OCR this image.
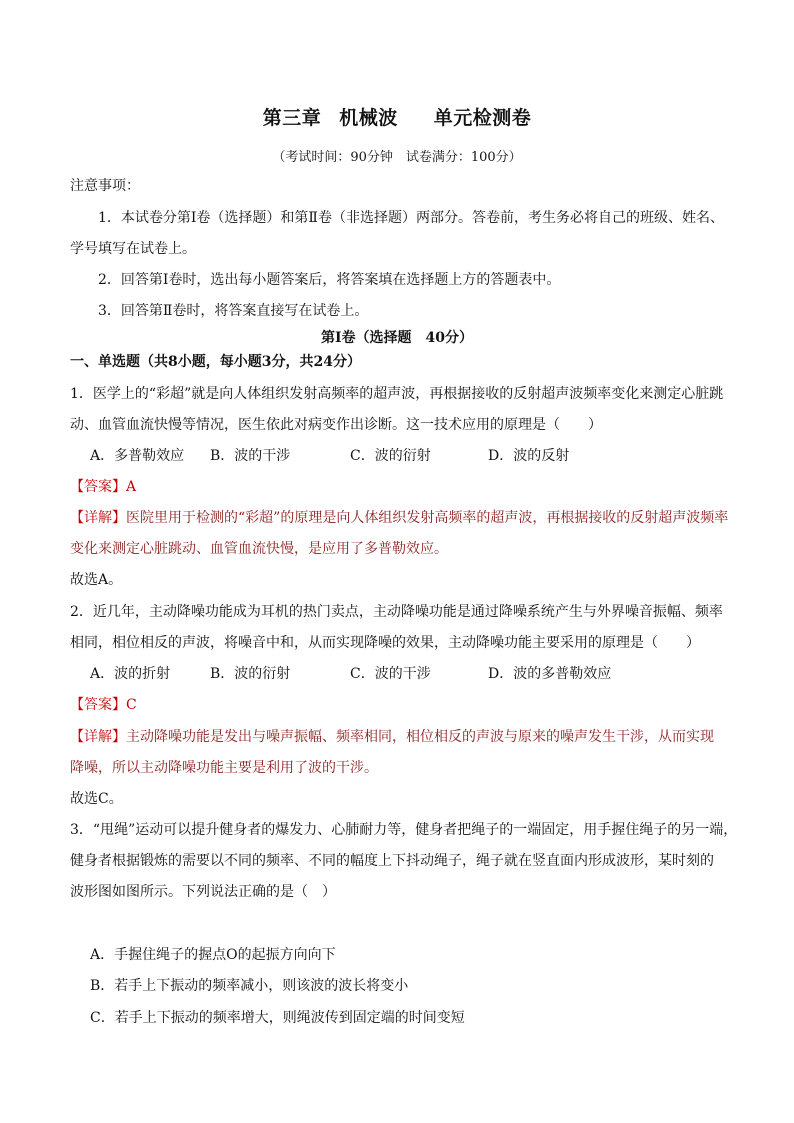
第三章 机械波 单元检测卷
（考试时间：90分钟　试卷满分：100分）
注意事项：
1．本试卷分第Ⅰ卷（选择题）和第Ⅱ卷（非选择题）两部分。答卷前，考生务必将自己的班级、姓名、
学号填写在试卷上。
2．回答第Ⅰ卷时，选出每小题答案后，将答案填在选择题上方的答题表中。
3．回答第Ⅱ卷时，将答案直接写在试卷上。
第Ⅰ卷（选择题　40分）
一、单选题（共8小题，每小题3分，共24分）
1．医学上的“彩超”就是向人体组织发射高频率的超声波，再根据接收的反射超声波频率变化来测定心脏跳
动、血管血流快慢等情况，医生依此对病变作出诊断。这一技术应用的原理是（　　）
A．多普勒效应 B．波的干涉	C．波的衍射	D．波的反射
【答案】A
【详解】医院里用于检测的“彩超”的原理是向人体组织发射高频率的超声波，再根据接收的反射超声波频率
变化来测定心脏跳动、血管血流快慢，是应用了多普勒效应。
故选A。
2．近几年，主动降噪功能成为耳机的热门卖点，主动降噪功能是通过降噪系统产生与外界噪音振幅、频率
相同，相位相反的声波，将噪音中和，从而实现降噪的效果，主动降噪功能主要采用的原理是（　　）
A．波的折射	B．波的衍射	C．波的干涉	D．波的多普勒效应
【答案】C
【详解】主动降噪功能是发出与噪声振幅、频率相同，相位相反的声波与原来的噪声发生干涉，从而实现
降噪，所以主动降噪功能主要是利用了波的干涉。
故选C。
3．“甩绳”运动可以提升健身者的爆发力、心肺耐力等，健身者把绳子的一端固定，用手握住绳子的另一端，
健身者根据锻炼的需要以不同的频率、不同的幅度上下抖动绳子，绳子就在竖直面内形成波形，某时刻的
波形图如图所示。下列说法正确的是（　）
A．手握住绳子的握点O的起振方向向下
B．若手上下振动的频率减小，则该波的波长将变小
C．若手上下振动的频率增大，则绳波传到固定端的时间变短
